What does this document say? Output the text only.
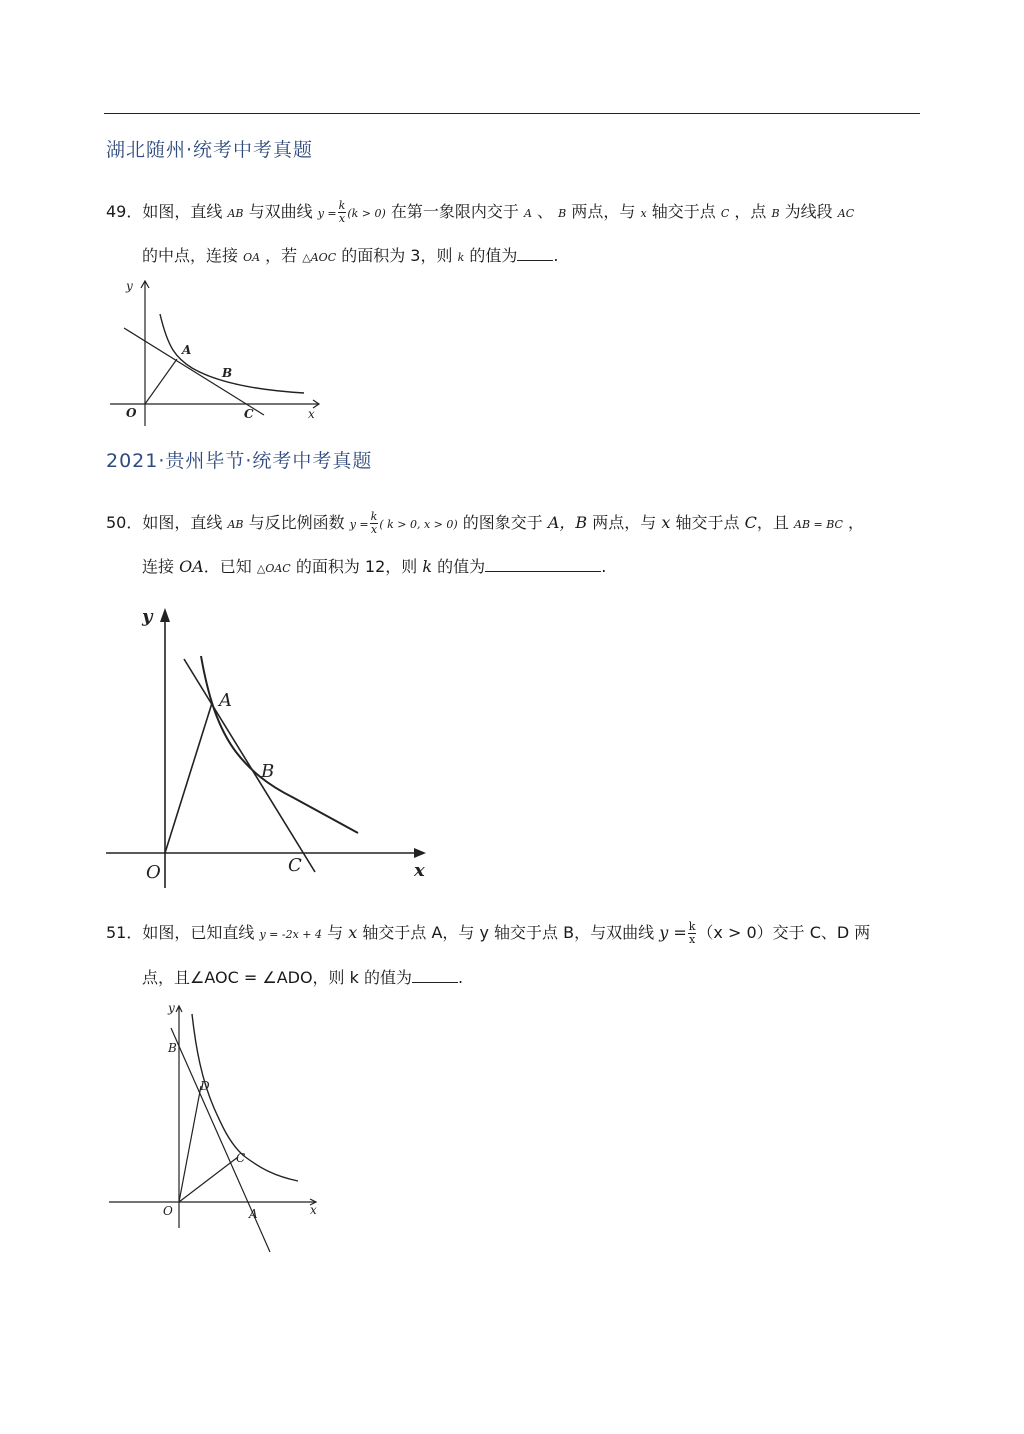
湖北随州·统考中考真题
49．如图，直线 AB 与双曲线 $y = \frac{k}{x} (k > 0)$ 在第一象限内交于 A 、 B 两点，与 x 轴交于点 C ，点 B 为线段 AC
的中点，连接 OA ，若 △AOC 的面积为 3，则 k 的值为 .
y
x
O
A
B
C
2021·贵州毕节·统考中考真题
50．如图，直线 AB 与反比例函数 $y = \frac{k}{x}$ ( k > 0, x > 0) 的图象交于 A，B 两点，与 x 轴交于点 C，且 AB = BC ，
连接 OA．已知 △OAC 的面积为 12，则 k 的值为	.
y
x
O
A
B
C
51．如图，已知直线 y = -2x + 4 与 x 轴交于点 A，与 y 轴交于点 B，与双曲线 $y = \frac{k}{x} (x > 0)$交于 C、D 两
点，且∠AOC = ∠ADO，则 k 的值为	.
y
x
O	A
B
C
D
